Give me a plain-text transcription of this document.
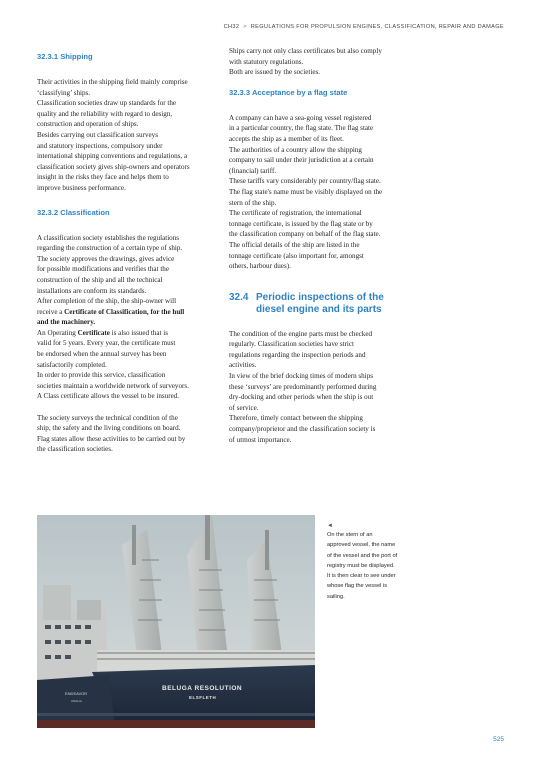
CH32 > REGULATIONS FOR PROPULSION ENGINES, CLASSIFICATION, REPAIR AND DAMAGE
32.3.1 Shipping

Their activities in the shipping field mainly comprise

‘classifying’ ships.

Classification societies draw up standards for the

quality and the reliability with regard to design,

construction and operation of ships.

Besides carrying out classification surveys

and statutory inspections, compulsory under

international shipping conventions and regulations, a

classification society gives ship-owners and operators

insight in the risks they face and helps them to

improve business performance.

32.3.2 Classification

A classification society establishes the regulations

regarding the construction of a certain type of ship.

The society approves the drawings, gives advice

for possible modifications and verifies that the

construction of the ship and all the technical

installations are conform its standards.

After completion of the ship, the ship-owner will

receive a Certificate of Classification, for the hull

and the machinery.

An Operating Certificate is also issued that is

valid for 5 years. Every year, the certificate must

be endorsed when the annual survey has been

satisfactorily completed.

In order to provide this service, classification

societies maintain a worldwide network of surveyors.

A Class certificate allows the vessel to be insured.

The society surveys the technical condition of the

ship, the safety and the living conditions on board.

Flag states allow these activities to be carried out by

the classification societies.

Ships carry not only class certificates but also comply

with statutory regulations.

Both are issued by the societies.

32.3.3 Acceptance by a flag state

A company can have a sea-going vessel registered

in a particular country, the flag state. The flag state

accepts the ship as a member of its fleet.

The authorities of a country allow the shipping

company to sail under their jurisdiction at a certain

(financial) tariff.

These tariffs vary considerably per country/flag state.

The flag state's name must be visibly displayed on the

stern of the ship.

The certificate of registration, the international

tonnage certificate, is issued by the flag state or by

the classification company on behalf of the flag state.

The official details of the ship are listed in the

tonnage certificate (also important for, amongst

others, harbour dues).

32.4 Periodic inspections of the
diesel engine and its parts

The condition of the engine parts must be checked

regularly. Classification societies have strict

regulations regarding the inspection periods and

activities.

In view of the brief docking times of modern ships

these ‘surveys’ are predominantly performed during

dry-docking and other periods when the ship is out

of service.

Therefore, timely contact between the shipping

company/proprietor and the classification society is

of utmost importance.

BELUGA RESOLUTION
ELSFLETH
ENDEAVOR
ANGLIA
◄
On the stern of an
approved vessel, the name
of the vessel and the port of
registry must be displayed.
It is then clear to see under
whose flag the vessel is
sailing.
525
